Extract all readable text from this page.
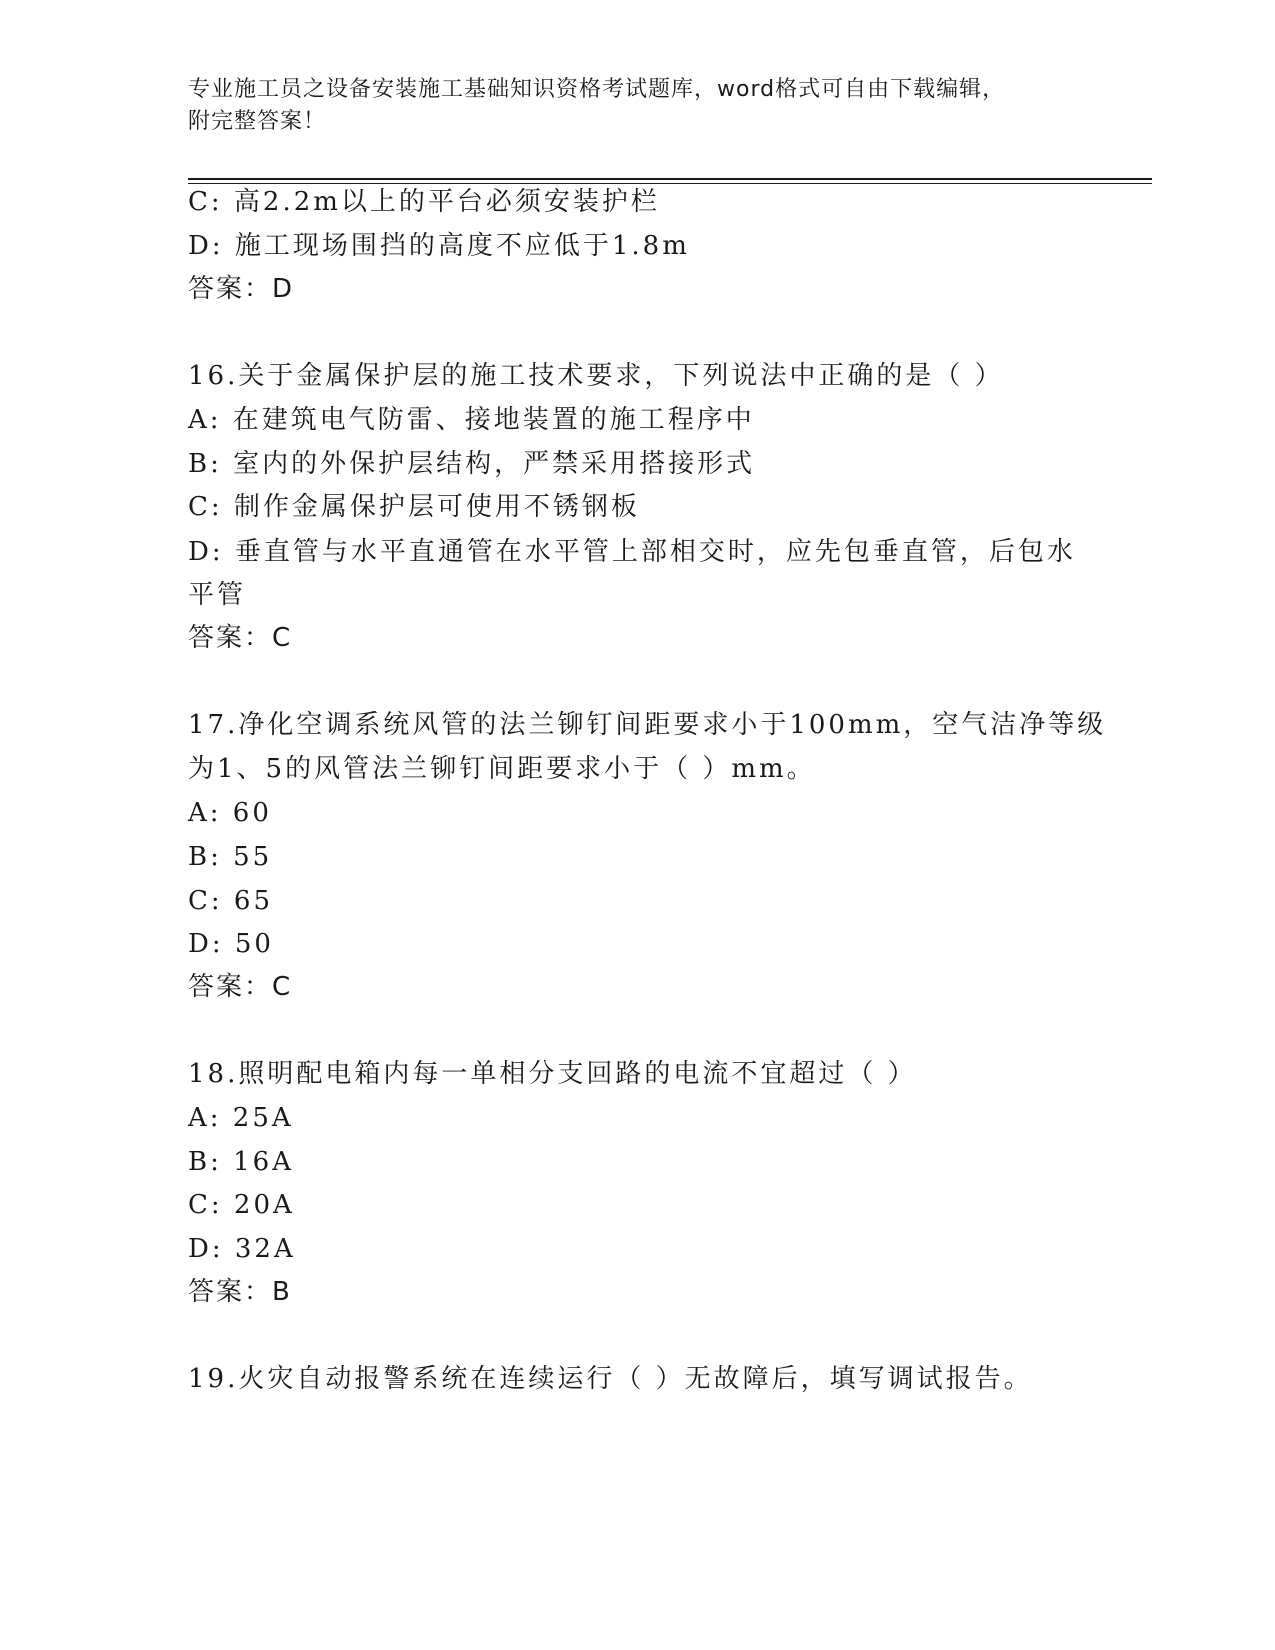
专业施工员之设备安装施工基础知识资格考试题库，word格式可自由下载编辑，
附完整答案！
C: 高2.2m以上的平台必须安装护栏
D: 施工现场围挡的高度不应低于1.8m
答案：D
16.关于金属保护层的施工技术要求，下列说法中正确的是（ ）
A: 在建筑电气防雷、接地装置的施工程序中
B: 室内的外保护层结构，严禁采用搭接形式
C: 制作金属保护层可使用不锈钢板
D: 垂直管与水平直通管在水平管上部相交时，应先包垂直管，后包水
平管
答案：C
17.净化空调系统风管的法兰铆钉间距要求小于100mm，空气洁净等级
为1、5的风管法兰铆钉间距要求小于（ ）mm。
A: 60
B: 55
C: 65
D: 50
答案：C
18.照明配电箱内每一单相分支回路的电流不宜超过（ ）
A: 25A
B: 16A
C: 20A
D: 32A
答案：B
19.火灾自动报警系统在连续运行（ ）无故障后，填写调试报告。
